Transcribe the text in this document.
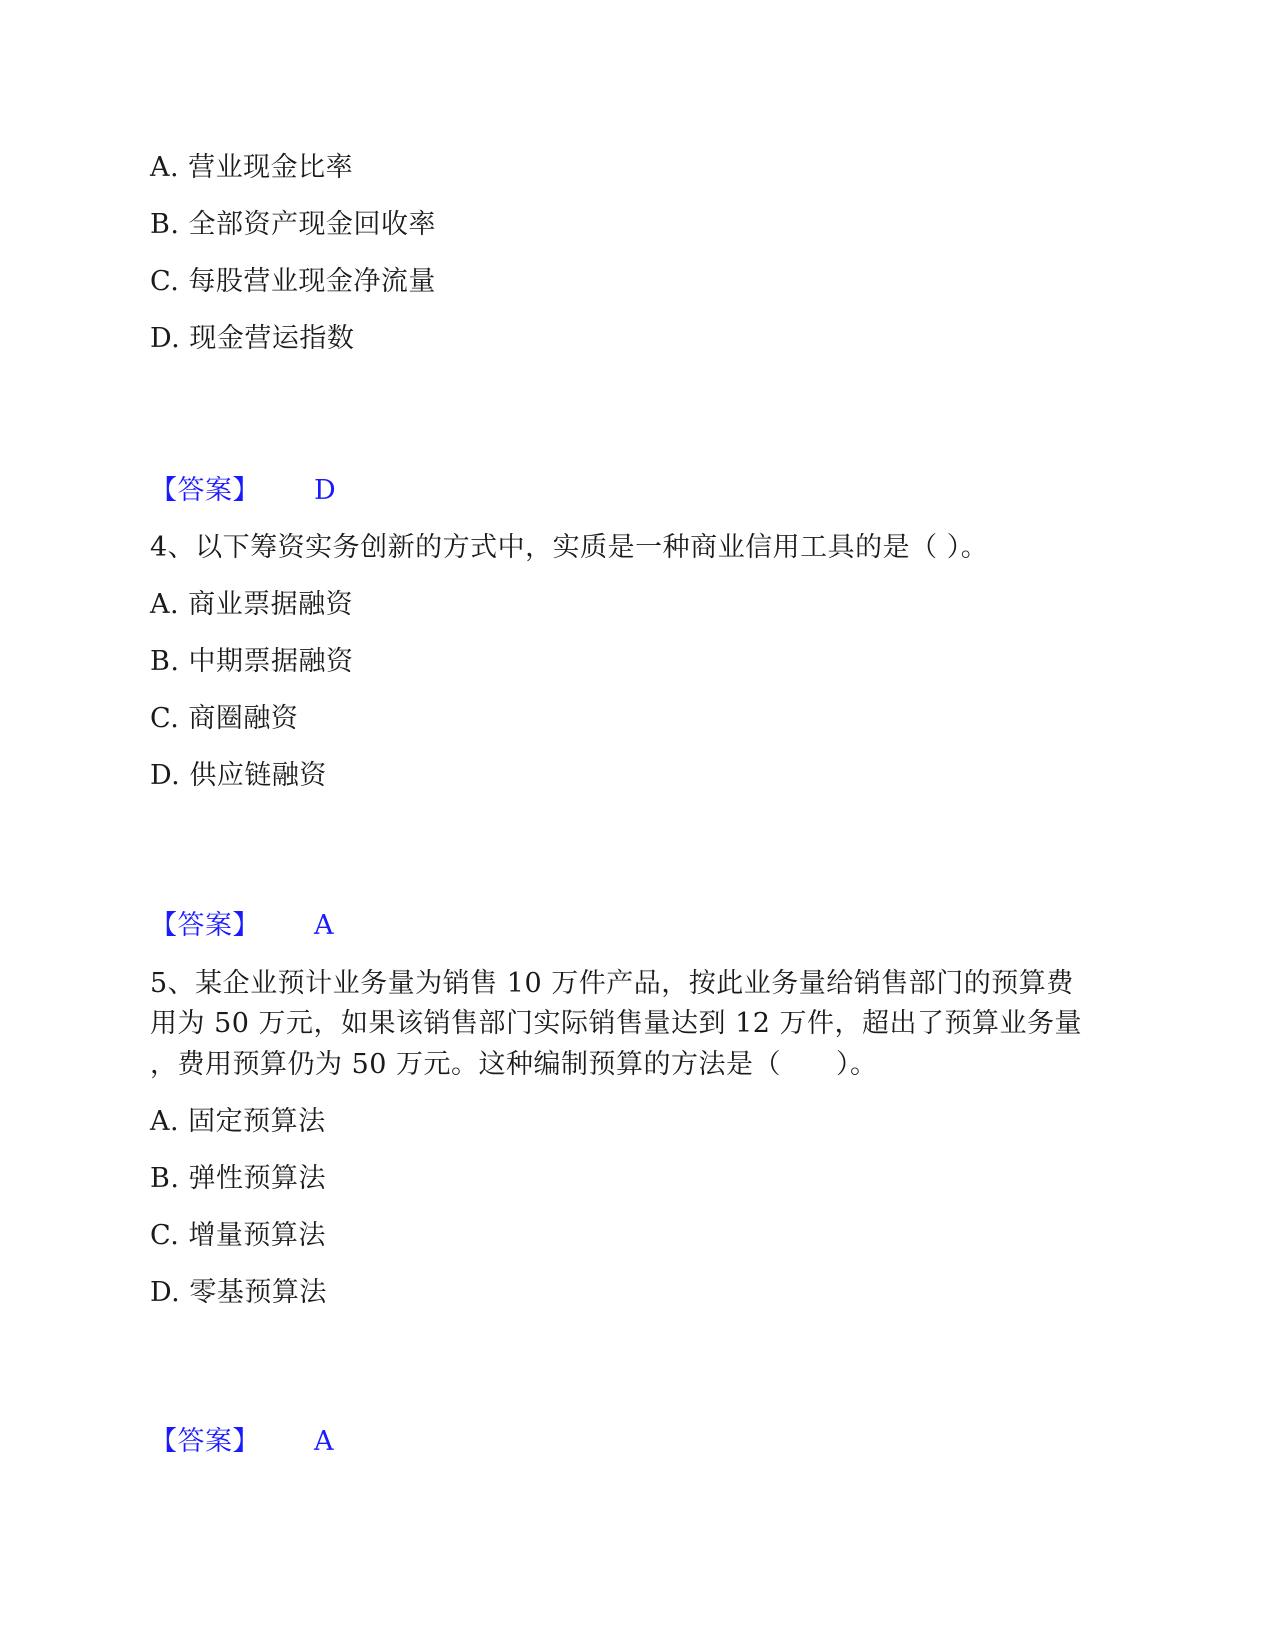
A. 营业现金比率
B. 全部资产现金回收率
C. 每股营业现金净流量
D. 现金营运指数
【答案】 D
4、以下筹资实务创新的方式中，实质是一种商业信用工具的是（ ）。
A. 商业票据融资
B. 中期票据融资
C. 商圈融资
D. 供应链融资
【答案】 A
5、某企业预计业务量为销售 10 万件产品，按此业务量给销售部门的预算费
用为 50 万元，如果该销售部门实际销售量达到 12 万件，超出了预算业务量
，费用预算仍为 50 万元。这种编制预算的方法是（　　）。
A. 固定预算法
B. 弹性预算法
C. 增量预算法
D. 零基预算法
【答案】 A
